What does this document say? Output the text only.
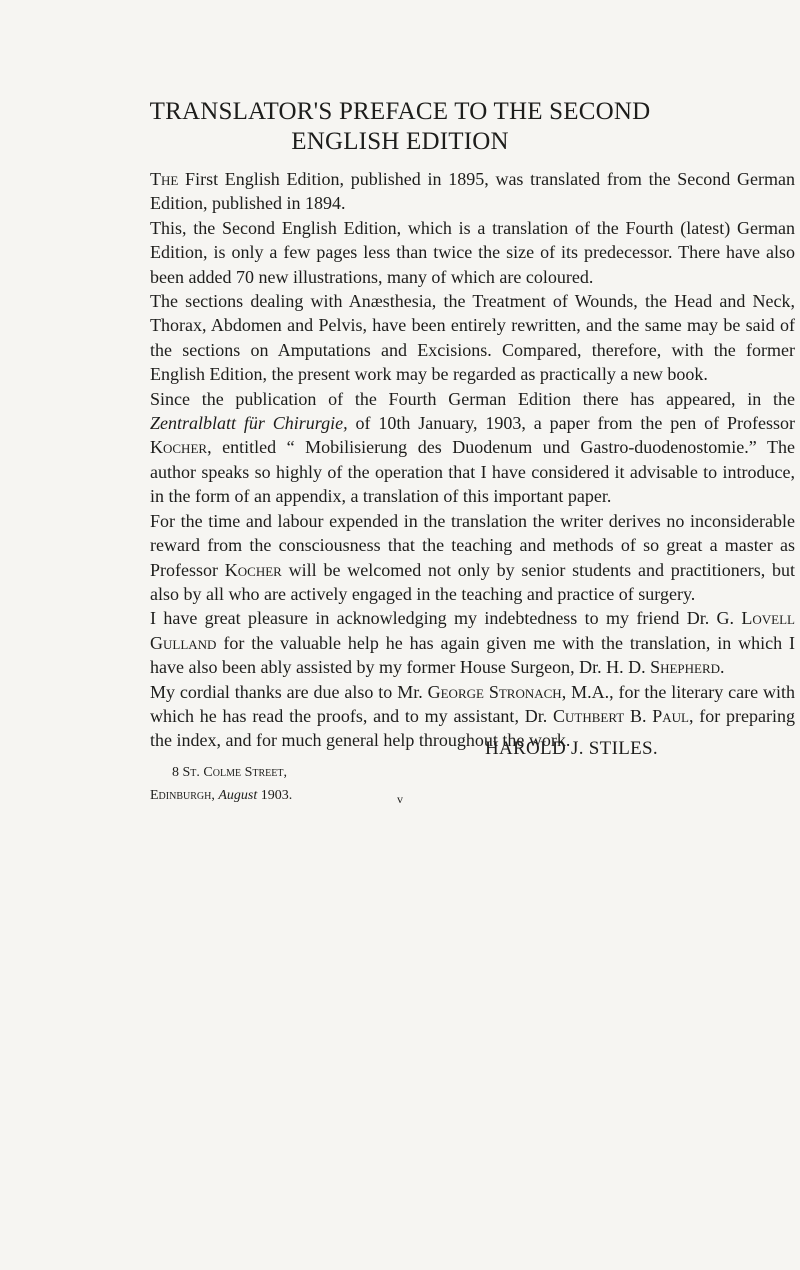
TRANSLATOR'S PREFACE TO THE SECOND
ENGLISH EDITION

The First English Edition, published in 1895, was translated from the Second German Edition, published in 1894.

This, the Second English Edition, which is a translation of the Fourth (latest) German Edition, is only a few pages less than twice the size of its predecessor. There have also been added 70 new illustrations, many of which are coloured.

The sections dealing with Anæsthesia, the Treatment of Wounds, the Head and Neck, Thorax, Abdomen and Pelvis, have been entirely rewritten, and the same may be said of the sections on Amputations and Excisions. Compared, therefore, with the former English Edition, the present work may be regarded as practically a new book.

Since the publication of the Fourth German Edition there has appeared, in the Zentralblatt für Chirurgie, of 10th January, 1903, a paper from the pen of Professor Kocher, entitled “ Mobilisierung des Duodenum und Gastro-duodenostomie.” The author speaks so highly of the operation that I have considered it advisable to introduce, in the form of an appendix, a translation of this important paper.

For the time and labour expended in the translation the writer derives no inconsiderable reward from the consciousness that the teaching and methods of so great a master as Professor Kocher will be welcomed not only by senior students and practitioners, but also by all who are actively engaged in the teaching and practice of surgery.

I have great pleasure in acknowledging my indebtedness to my friend Dr. G. Lovell Gulland for the valuable help he has again given me with the translation, in which I have also been ably assisted by my former House Surgeon, Dr. H. D. Shepherd.

My cordial thanks are due also to Mr. George Stronach, M.A., for the literary care with which he has read the proofs, and to my assistant, Dr. Cuthbert B. Paul, for preparing the index, and for much general help throughout the work.

HAROLD J. STILES.
8 St. Colme Street,
Edinburgh, August 1903.	v
